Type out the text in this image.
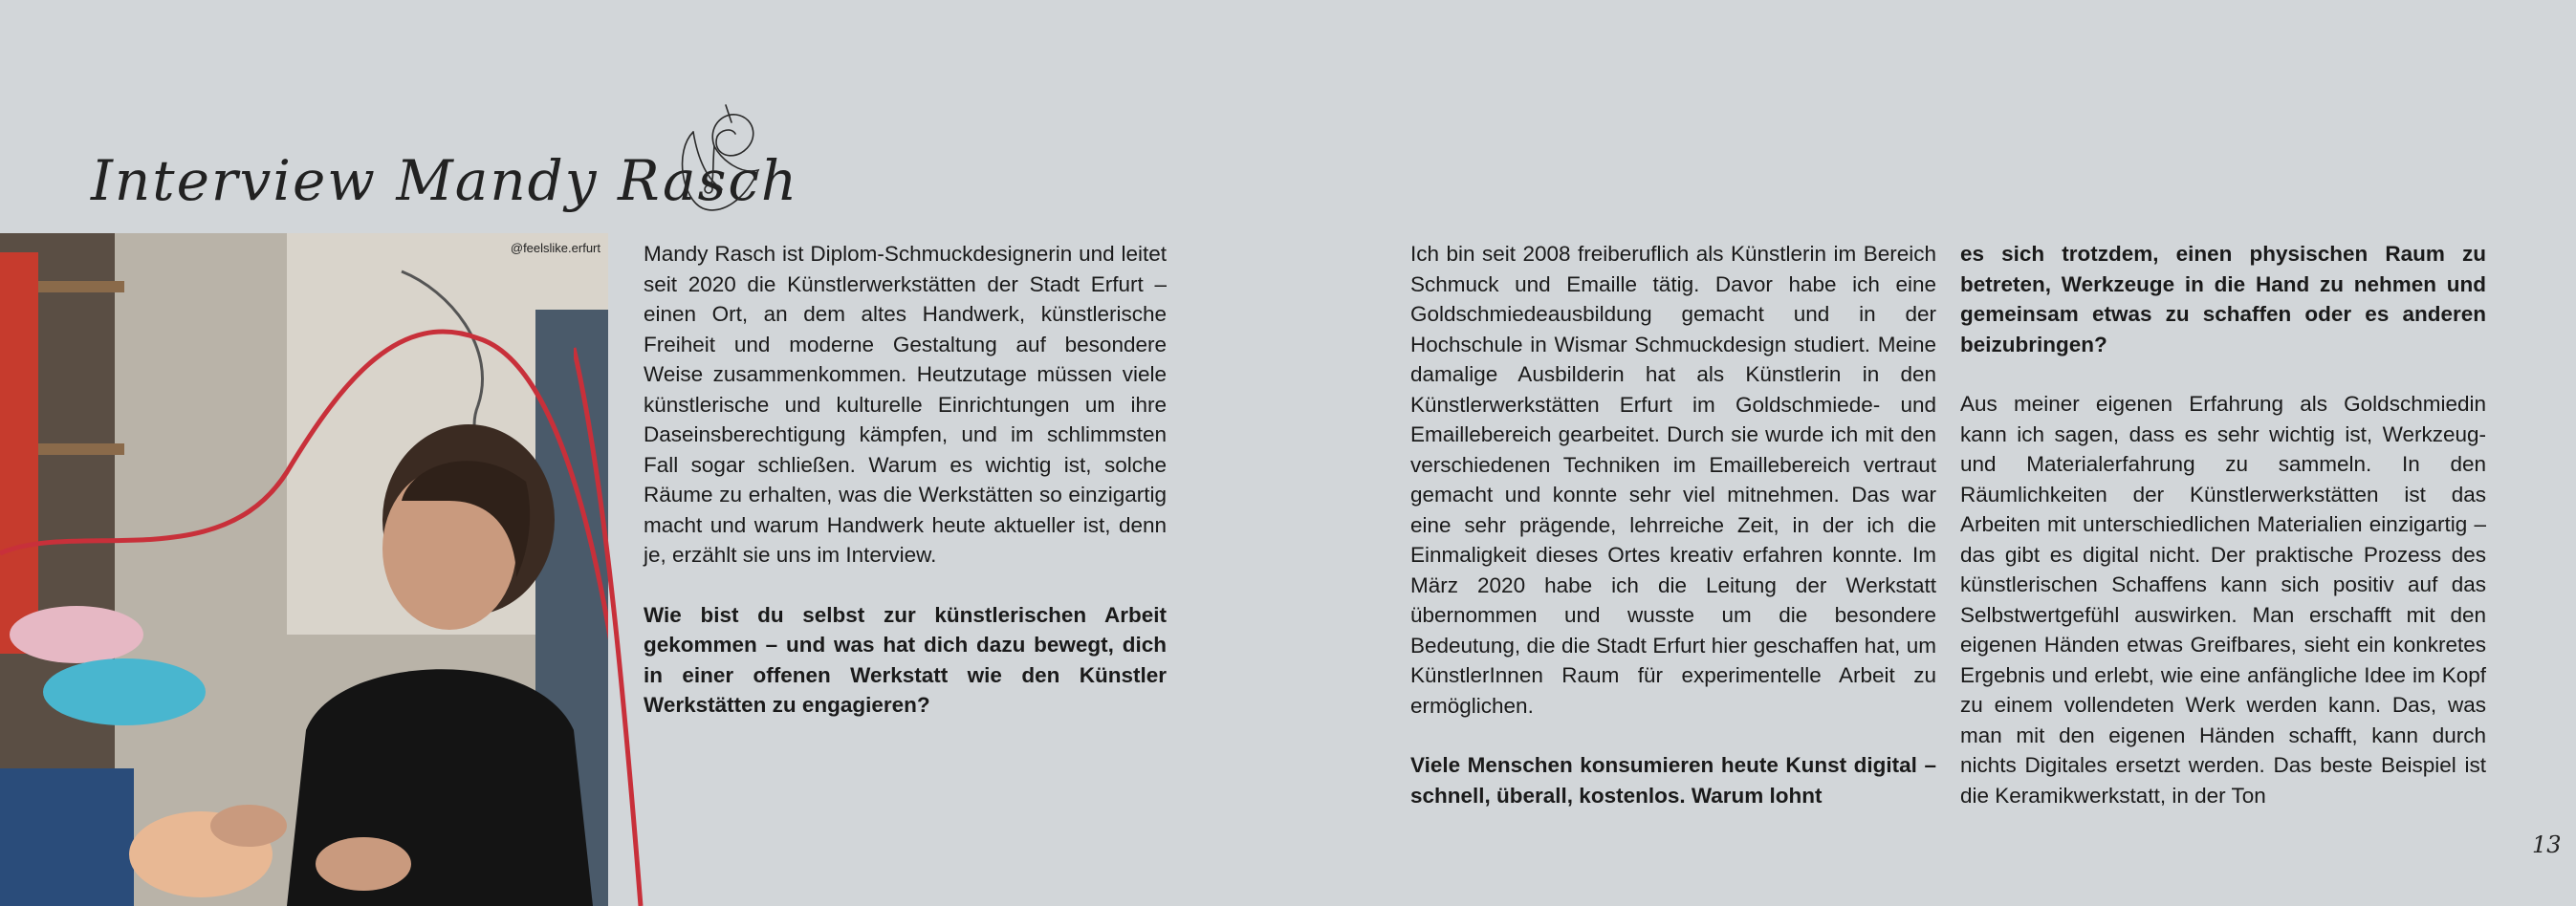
Interview Mandy Rasch
@feelslike.erfurt Mandy Rasch ist Diplom-Schmuckdesignerin und leitet seit 2020 die Künstlerwerkstätten der Stadt Erfurt – einen Ort, an dem altes Handwerk, künstlerische Freiheit und moderne Gestaltung auf besondere Weise zusammenkommen. Heutzutage müssen viele künstlerische und kulturelle Einrichtungen um ihre Daseinsberechtigung kämpfen, und im schlimmsten Fall sogar schließen. Warum es wichtig ist, solche Räume zu erhalten, was die Werkstätten so einzigartig macht und warum Handwerk heute aktueller ist, denn je, erzählt sie uns im Interview.

Wie bist du selbst zur künstlerischen Arbeit gekommen – und was hat dich dazu bewegt, dich in einer offenen Werkstatt wie den Künstler Werkstätten zu engagieren?

Ich bin seit 2008 freiberuflich als Künstlerin im Bereich Schmuck und Emaille tätig. Davor habe ich eine Goldschmiedeausbildung gemacht und in der Hochschule in Wismar Schmuckdesign studiert. Meine damalige Ausbilderin hat als Künstlerin in den Künstlerwerkstätten Erfurt im Goldschmiede- und Emaillebereich gearbeitet. Durch sie wurde ich mit den verschiedenen Techniken im Emaillebereich vertraut gemacht und konnte sehr viel mitnehmen. Das war eine sehr prägende, lehrreiche Zeit, in der ich die Einmaligkeit dieses Ortes kreativ erfahren konnte. Im März 2020 habe ich die Leitung der Werkstatt übernommen und wusste um die besondere Bedeutung, die die Stadt Erfurt hier geschaffen hat, um KünstlerInnen Raum für experimentelle Arbeit zu ermöglichen.

Viele Menschen konsumieren heute Kunst digital – schnell, überall, kostenlos. Warum lohnt

es sich trotzdem, einen physischen Raum zu betreten, Werkzeuge in die Hand zu nehmen und gemeinsam etwas zu schaffen oder es anderen beizubringen?

Aus meiner eigenen Erfahrung als Goldschmiedin kann ich sagen, dass es sehr wichtig ist, Werkzeug- und Materialerfahrung zu sammeln. In den Räumlichkeiten der Künstlerwerkstätten ist das Arbeiten mit unterschiedlichen Materialien einzigartig – das gibt es digital nicht. Der praktische Prozess des künstlerischen Schaffens kann sich positiv auf das Selbstwertgefühl auswirken. Man erschafft mit den eigenen Händen etwas Greifbares, sieht ein konkretes Ergebnis und erlebt, wie eine anfängliche Idee im Kopf zu einem vollendeten Werk werden kann. Das, was man mit den eigenen Händen schafft, kann durch nichts Digitales ersetzt werden. Das beste Beispiel ist die Keramikwerkstatt, in der Ton

13
